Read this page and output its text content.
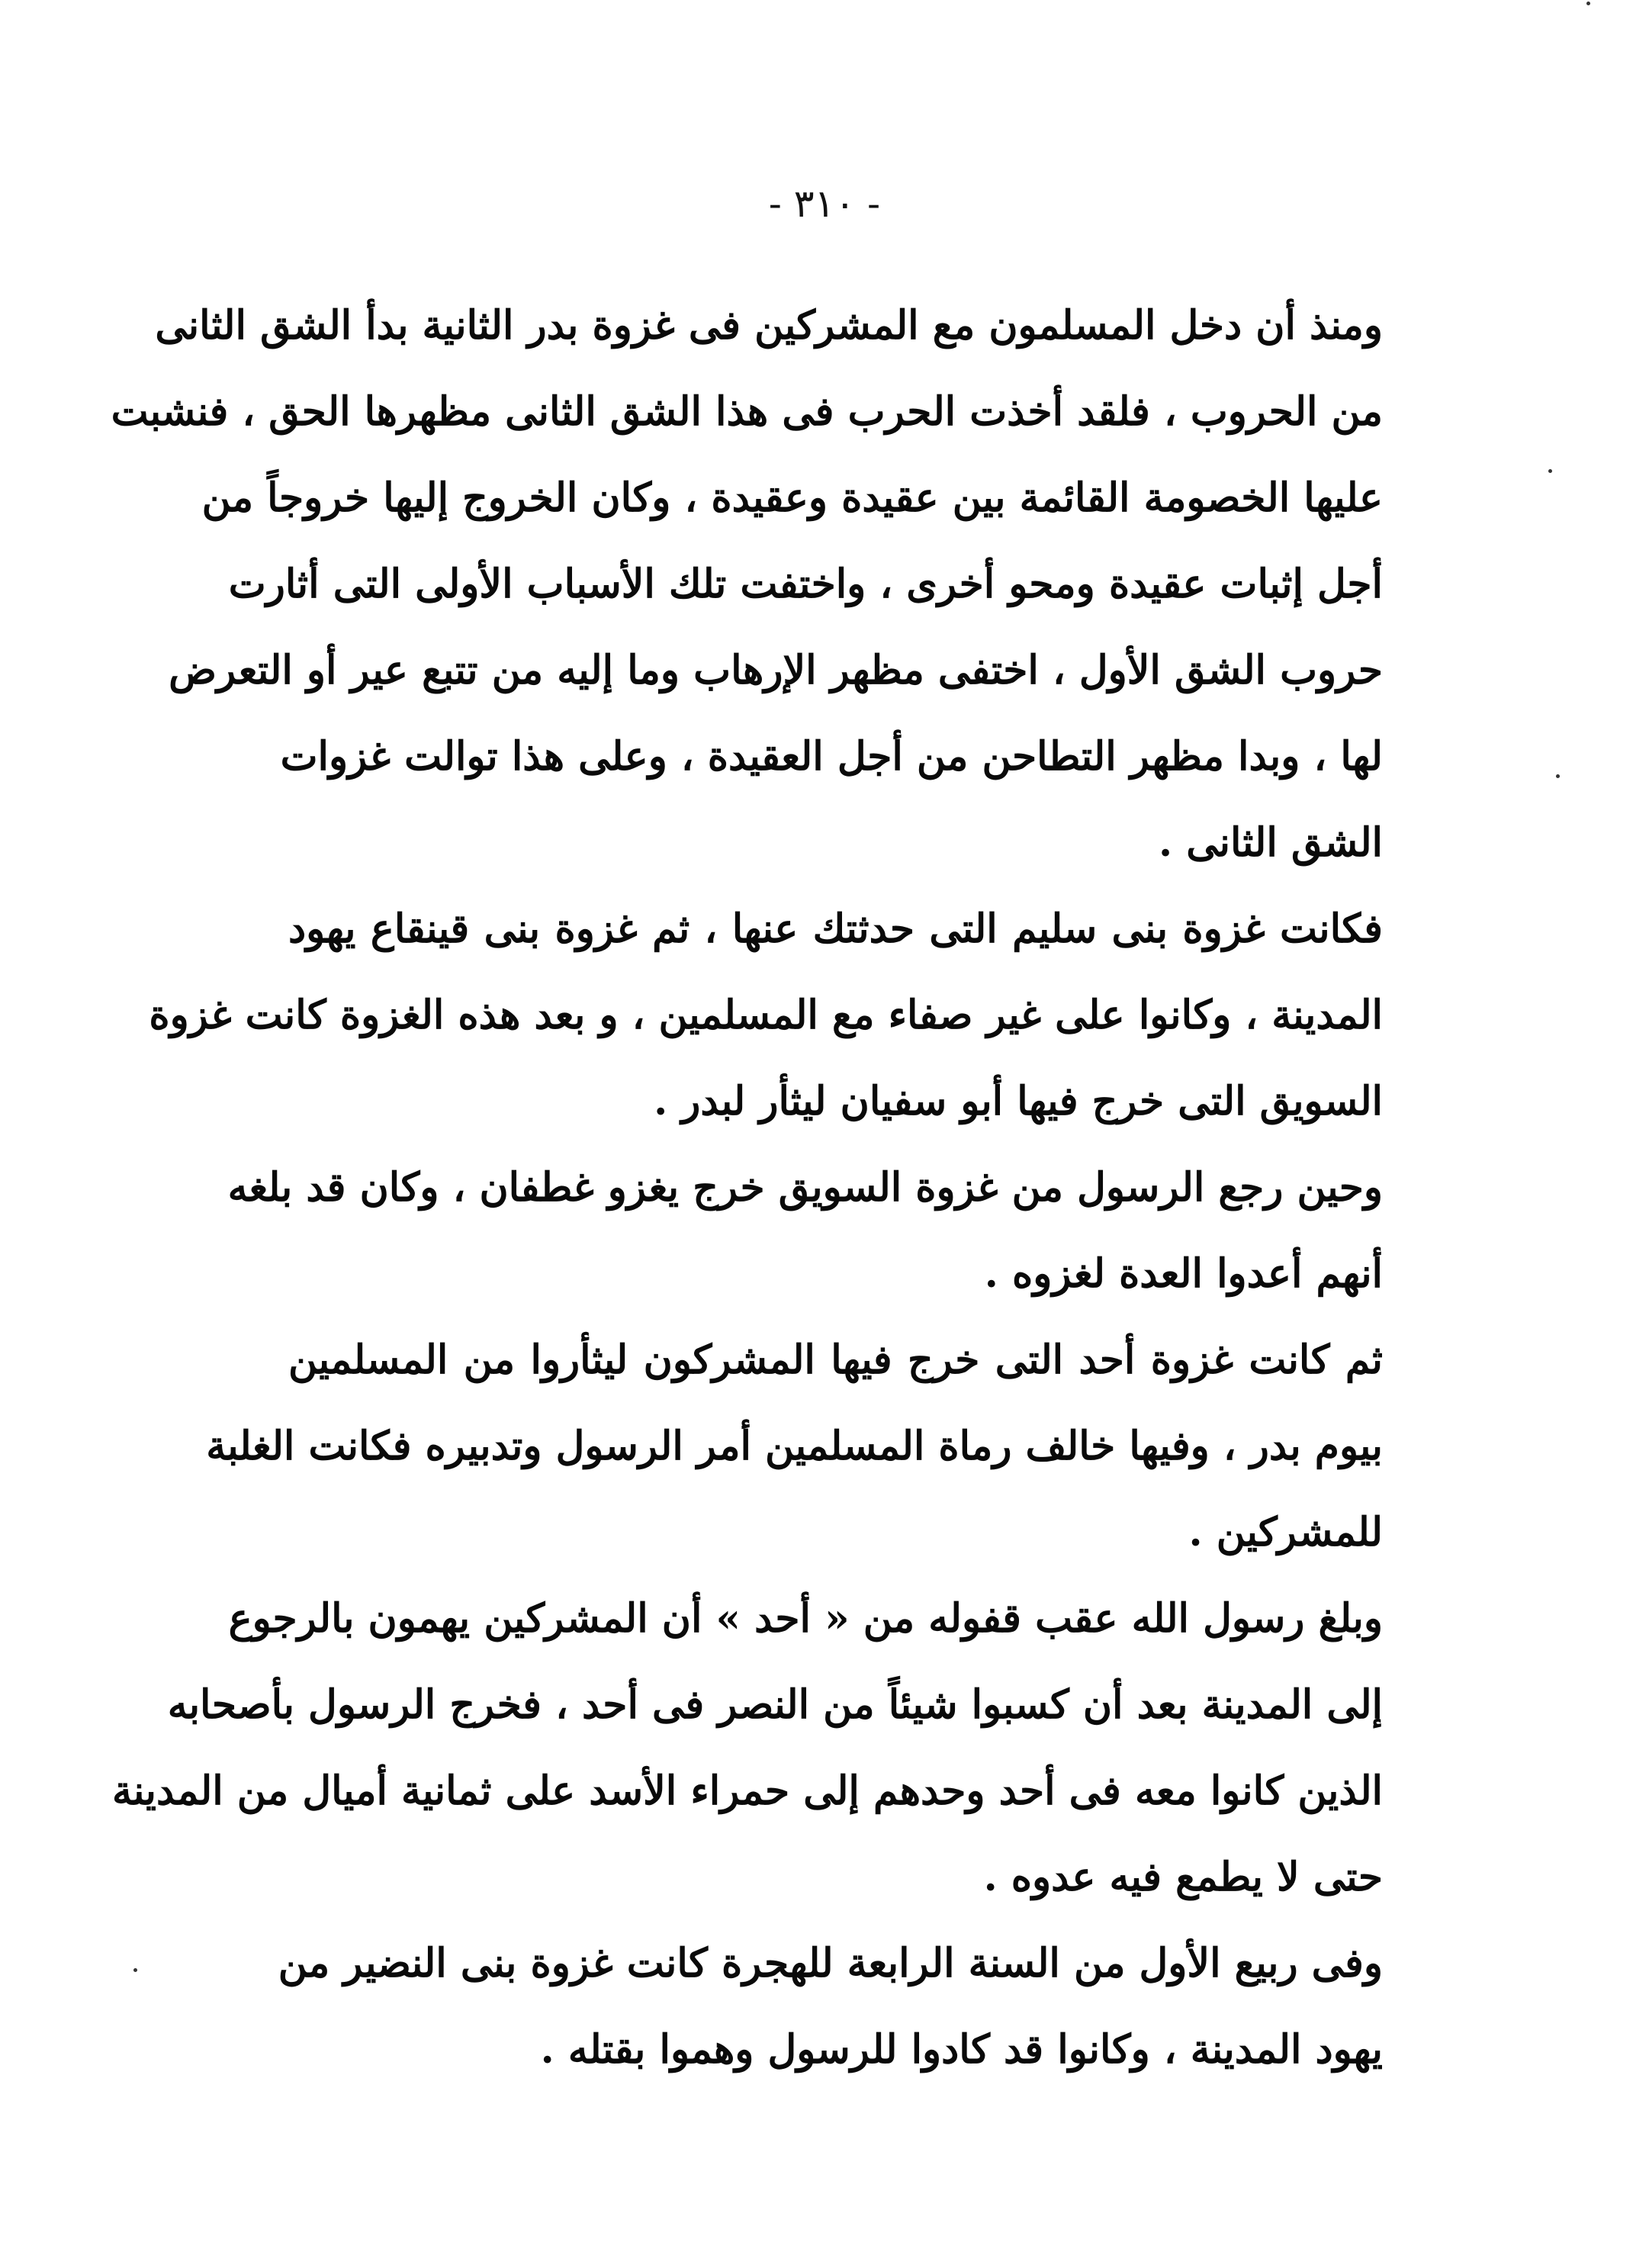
- ٣١٠ -

ومنذ أن دخل المسلمون مع المشركين فى غزوة بدر الثانية بدأ الشق الثانى
من الحروب ، فلقد أخذت الحرب فى هذا الشق الثانى مظهرها الحق ، فنشبت
عليها الخصومة القائمة بين عقيدة وعقيدة ، وكان الخروج إليها خروجاً من
أجل إثبات عقيدة ومحو أخرى ، واختفت تلك الأسباب الأولى التى أثارت
حروب الشق الأول ، اختفى مظهر الإرهاب وما إليه من تتبع عير أو التعرض
لها ، وبدا مظهر التطاحن من أجل العقيدة ، وعلى هذا توالت غزوات
الشق الثانى .

فكانت غزوة بنى سليم التى حدثتك عنها ، ثم غزوة بنى قينقاع يهود
المدينة ، وكانوا على غير صفاء مع المسلمين ، و بعد هذه الغزوة كانت غزوة
السويق التى خرج فيها أبو سفيان ليثأر لبدر .

وحين رجع الرسول من غزوة السويق خرج يغزو غطفان ، وكان قد بلغه
أنهم أعدوا العدة لغزوه .

ثم كانت غزوة أحد التى خرج فيها المشركون ليثأروا من المسلمين
بيوم بدر ، وفيها خالف رماة المسلمين أمر الرسول وتدبيره فكانت الغلبة
للمشركين .

وبلغ رسول الله عقب قفوله من « أحد » أن المشركين يهمون بالرجوع
إلى المدينة بعد أن كسبوا شيئاً من النصر فى أحد ، فخرج الرسول بأصحابه
الذين كانوا معه فى أحد وحدهم إلى حمراء الأسد على ثمانية أميال من المدينة
حتى لا يطمع فيه عدوه .

وفى ربيع الأول من السنة الرابعة للهجرة كانت غزوة بنى النضير من
يهود المدينة ، وكانوا قد كادوا للرسول وهموا بقتله .
